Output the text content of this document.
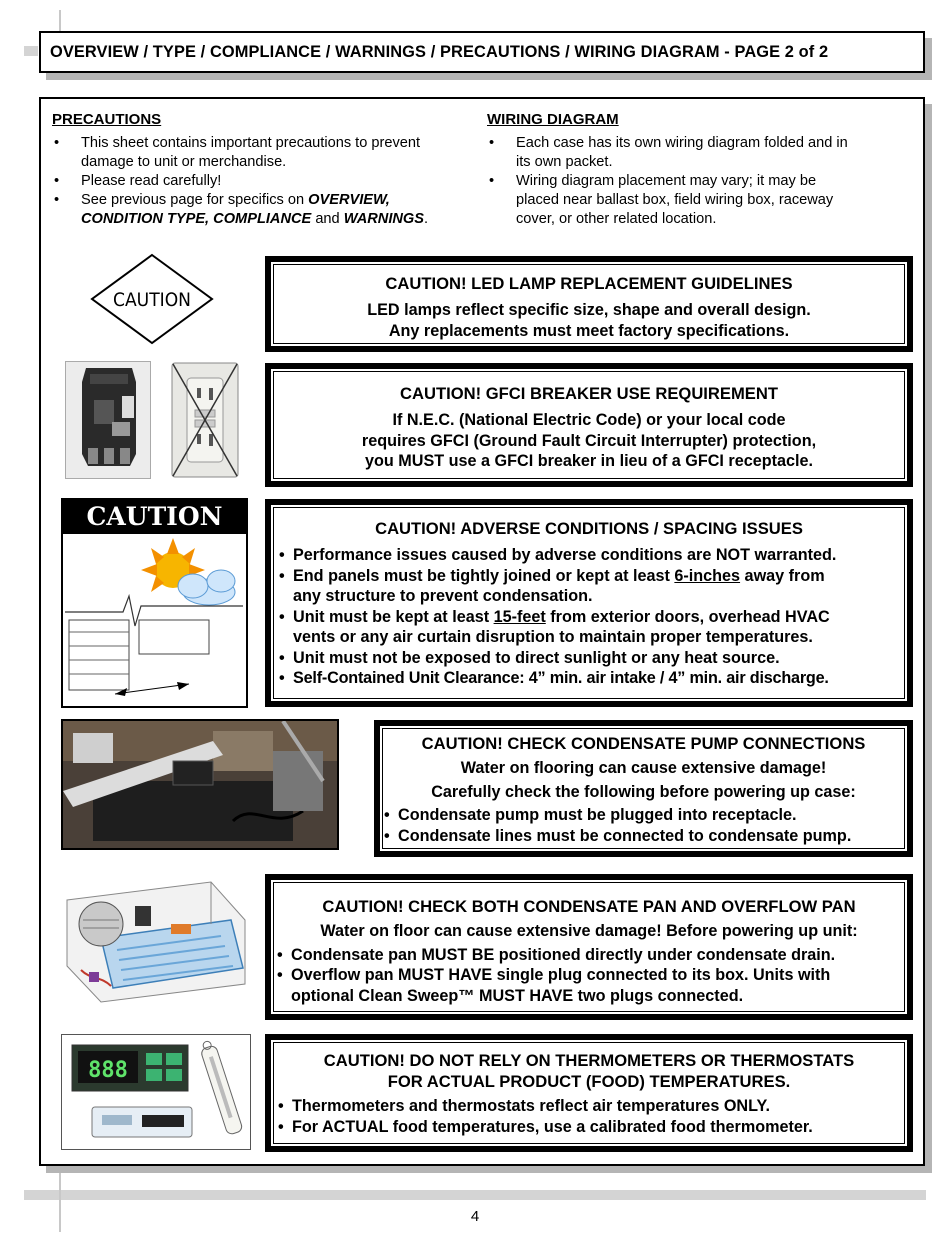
OVERVIEW / TYPE / COMPLIANCE / WARNINGS / PRECAUTIONS / WIRING DIAGRAM - PAGE 2 of 2
PRECAUTIONS
• This sheet contains important precautions to prevent
damage to unit or merchandise.
• Please read carefully!
• See previous page for specifics on OVERVIEW,
CONDITION TYPE, COMPLIANCE and WARNINGS.
WIRING DIAGRAM
• Each case has its own wiring diagram folded and in
its own packet.
• Wiring diagram placement may vary; it may be
placed near ballast box, field wiring box, raceway
cover, or other related location.
CAUTION
CAUTION! LED LAMP REPLACEMENT GUIDELINES
LED lamps reflect specific size, shape and overall design.
Any replacements must meet factory specifications.
CAUTION! GFCI BREAKER USE REQUIREMENT
If N.E.C. (National Electric Code) or your local code
requires GFCI (Ground Fault Circuit Interrupter) protection,
you MUST use a GFCI breaker in lieu of a GFCI receptacle.
CAUTION	CAUTION! ADVERSE CONDITIONS / SPACING ISSUES
• Performance issues caused by adverse conditions are NOT warranted.
• End panels must be tightly joined or kept at least 6-inches away from
any structure to prevent condensation.
• Unit must be kept at least 15-feet from exterior doors, overhead HVAC
vents or any air curtain disruption to maintain proper temperatures.
• Unit must not be exposed to direct sunlight or any heat source.
• Self-Contained Unit Clearance: 4” min. air intake / 4” min. air discharge.
CAUTION! CHECK CONDENSATE PUMP CONNECTIONS
Water on flooring can cause extensive damage!
Carefully check the following before powering up case:
• Condensate pump must be plugged into receptacle.
• Condensate lines must be connected to condensate pump.
CAUTION! CHECK BOTH CONDENSATE PAN AND OVERFLOW PAN
Water on floor can cause extensive damage! Before powering up unit:
• Condensate pan MUST BE positioned directly under condensate drain.
• Overflow pan MUST HAVE single plug connected to its box. Units with
optional Clean Sweep™ MUST HAVE two plugs connected.
888	CAUTION! DO NOT RELY ON THERMOMETERS OR THERMOSTATS
FOR ACTUAL PRODUCT (FOOD) TEMPERATURES.
• Thermometers and thermostats reflect air temperatures ONLY.
• For ACTUAL food temperatures, use a calibrated food thermometer.
4
